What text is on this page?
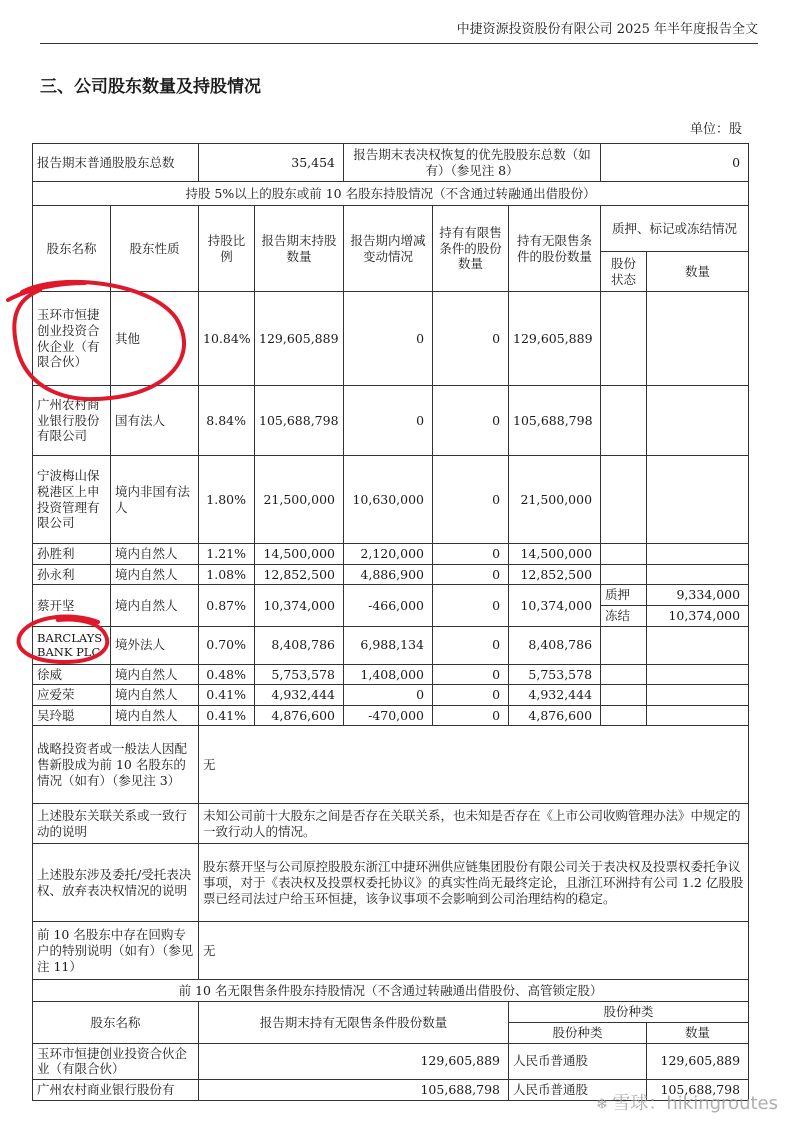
中捷资源投资股份有限公司 2025 年半年度报告全文
三、公司股东数量及持股情况
单位：股
报告期末普通股股东总数		35,454		报告期末表决权恢复的优先股股东总数（如有）（参见注 8）			0	
持股 5%以上的股东或前 10 名股东持股情况（不含通过转融通出借股份）								
股东名称	股东性质	持股比例	报告期末持股数量	报告期内增减变动情况	持有有限售条件的股份数量	持有无限售条件的股份数量	质押、标记或冻结情况	
							股份状态	数量
玉环市恒捷创业投资合伙企业（有限合伙）	其他	10.84%	129,605,889	0	0	129,605,889		
广州农村商业银行股份有限公司	国有法人	8.84%	105,688,798	0	0	105,688,798		
宁波梅山保税港区上申投资管理有限公司	境内非国有法人	1.80%	21,500,000	10,630,000	0	21,500,000		
孙胜利	境内自然人	1.21%	14,500,000	2,120,000	0	14,500,000		
孙永利	境内自然人	1.08%	12,852,500	4,886,900	0	12,852,500		
蔡开坚	境内自然人	0.87%	10,374,000	-466,000	0	10,374,000	质押	9,334,000
							冻结	10,374,000
BARCLAYS BANK PLC	境外法人	0.70%	8,408,786	6,988,134	0	8,408,786		
徐威	境内自然人	0.48%	5,753,578	1,408,000	0	5,753,578		
应爱荣	境内自然人	0.41%	4,932,444	0	0	4,932,444		
吴玲聪	境内自然人	0.41%	4,876,600	-470,000	0	4,876,600		
战略投资者或一般法人因配售新股成为前 10 名股东的情况（如有）（参见注 3）		无						
上述股东关联关系或一致行动的说明		未知公司前十大股东之间是否存在关联关系，也未知是否存在《上市公司收购管理办法》中规定的一致行动人的情况。						
上述股东涉及委托/受托表决权、放弃表决权情况的说明		股东蔡开坚与公司原控股股东浙江中捷环洲供应链集团股份有限公司关于表决权及投票权委托争议事项，对于《表决权及投票权委托协议》的真实性尚无最终定论，且浙江环洲持有公司 1.2 亿股股票已经司法过户给玉环恒捷，该争议事项不会影响到公司治理结构的稳定。						
前 10 名股东中存在回购专户的特别说明（如有）（参见注 11）		无						
前 10 名无限售条件股东持股情况（不含通过转融通出借股份、高管锁定股）								
股东名称		报告期末持有无限售条件股份数量				股份种类		
						股份种类		数量
玉环市恒捷创业投资合伙企业（有限合伙）		129,605,889				人民币普通股		129,605,889
广州农村商业银行股份有		105,688,798				人民币普通股		105,688,798
❄ 雪球：hikingroutes
